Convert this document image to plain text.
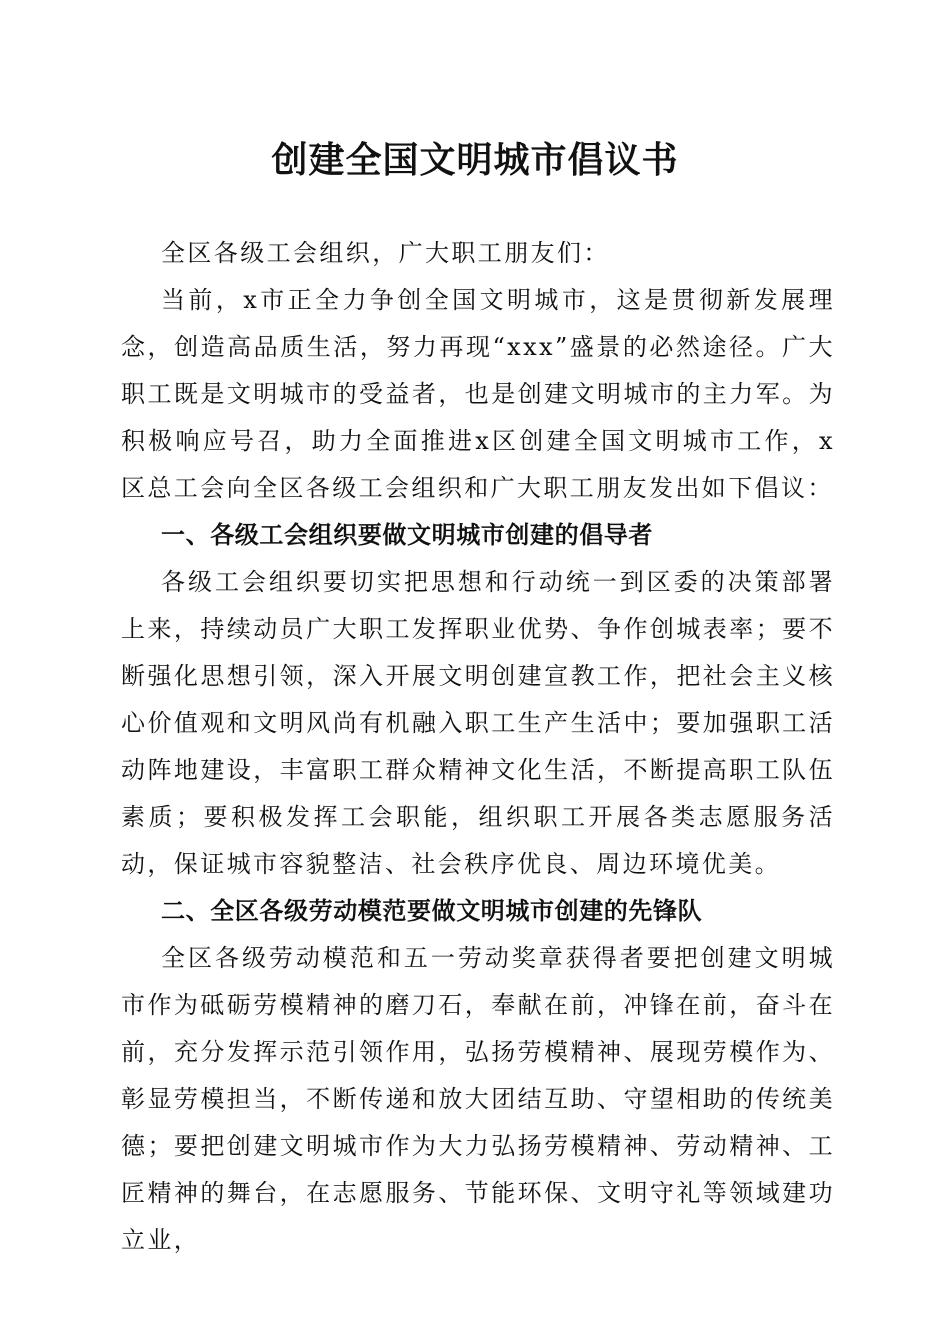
创建全国文明城市倡议书

全区各级工会组织，广大职工朋友们：

当前，x市正全力争创全国文明城市，这是贯彻新发展理念，创造高品质生活，努力再现“xxx”盛景的必然途径。广大职工既是文明城市的受益者，也是创建文明城市的主力军。为积极响应号召，助力全面推进x区创建全国文明城市工作，x区总工会向全区各级工会组织和广大职工朋友发出如下倡议：

一、各级工会组织要做文明城市创建的倡导者

各级工会组织要切实把思想和行动统一到区委的决策部署上来，持续动员广大职工发挥职业优势、争作创城表率；要不断强化思想引领，深入开展文明创建宣教工作，把社会主义核心价值观和文明风尚有机融入职工生产生活中；要加强职工活动阵地建设，丰富职工群众精神文化生活，不断提高职工队伍素质；要积极发挥工会职能，组织职工开展各类志愿服务活动，保证城市容貌整洁、社会秩序优良、周边环境优美。

二、全区各级劳动模范要做文明城市创建的先锋队

全区各级劳动模范和五一劳动奖章获得者要把创建文明城市作为砥砺劳模精神的磨刀石，奉献在前，冲锋在前，奋斗在前，充分发挥示范引领作用，弘扬劳模精神、展现劳模作为、彰显劳模担当，不断传递和放大团结互助、守望相助的传统美德；要把创建文明城市作为大力弘扬劳模精神、劳动精神、工匠精神的舞台，在志愿服务、节能环保、文明守礼等领域建功立业，
